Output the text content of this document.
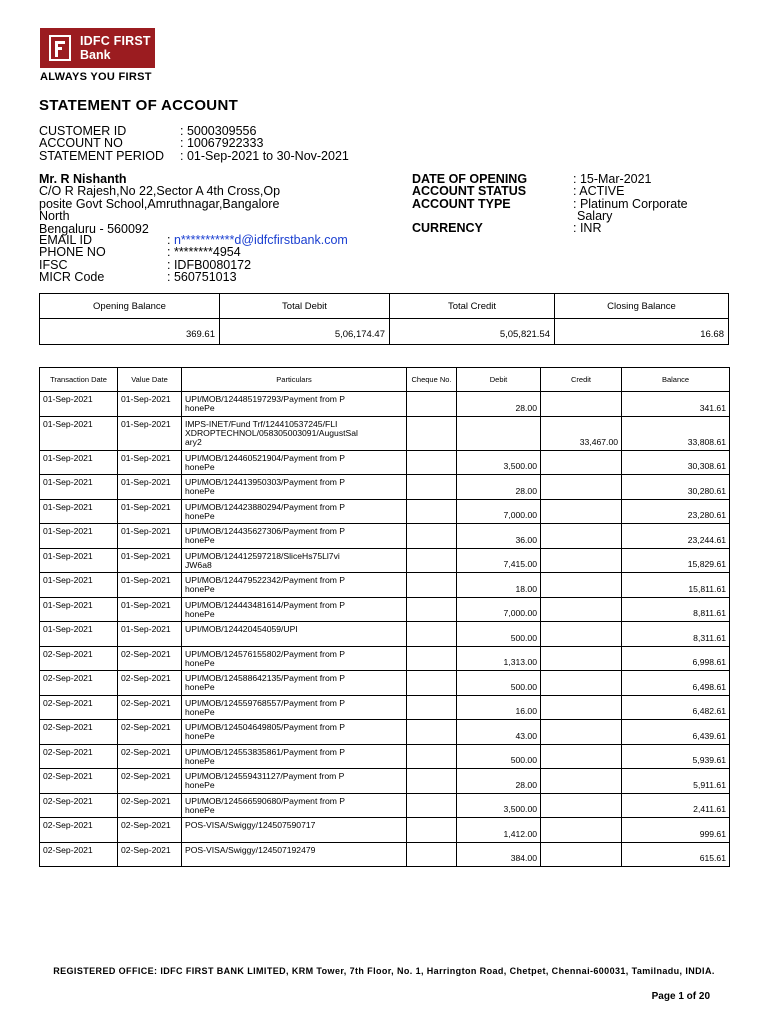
IDFC FIRST
Bank
ALWAYS YOU FIRST
STATEMENT OF ACCOUNT
CUSTOMER ID	: 5000309556
ACCOUNT NO	: 10067922333
STATEMENT PERIOD : 01-Sep-2021 to 30-Nov-2021
Mr. R Nishanth
C/O R Rajesh,No 22,Sector A 4th Cross,Op
posite Govt School,Amruthnagar,Bangalore
North
Bengaluru - 560092
EMAIL ID	: n***********d@idfcfirstbank.com
PHONE NO	: ********4954
IFSC	: IDFB0080172
MICR Code	: 560751013
DATE OF OPENING	: 15-Mar-2021
ACCOUNT STATUS	: ACTIVE
ACCOUNT TYPE	: Platinum Corporate
Salary
CURRENCY	: INR
Opening Balance	Total Debit	Total Credit	Closing Balance
369.61	5,06,174.47	5,05,821.54	16.68
Transaction Date	Value Date	Particulars	Cheque No.	Debit	Credit	Balance
01-Sep-2021	01-Sep-2021	UPI/MOB/124485197293/Payment from P
honePe		28.00		341.61
01-Sep-2021	01-Sep-2021	IMPS-INET/Fund Trf/124410537245/FLI
XDROPTECHNOL/058305003091/AugustSal
ary2			33,467.00	33,808.61
01-Sep-2021	01-Sep-2021	UPI/MOB/124460521904/Payment from P
honePe		3,500.00		30,308.61
01-Sep-2021	01-Sep-2021	UPI/MOB/124413950303/Payment from P
honePe		28.00		30,280.61
01-Sep-2021	01-Sep-2021	UPI/MOB/124423880294/Payment from P
honePe		7,000.00		23,280.61
01-Sep-2021	01-Sep-2021	UPI/MOB/124435627306/Payment from P
honePe		36.00		23,244.61
01-Sep-2021	01-Sep-2021	UPI/MOB/124412597218/SliceHs75Ll7vi
JW6a8		7,415.00		15,829.61
01-Sep-2021	01-Sep-2021	UPI/MOB/124479522342/Payment from P
honePe		18.00		15,811.61
01-Sep-2021	01-Sep-2021	UPI/MOB/124443481614/Payment from P
honePe		7,000.00		8,811.61
01-Sep-2021	01-Sep-2021	UPI/MOB/124420454059/UPI		500.00		8,311.61
02-Sep-2021	02-Sep-2021	UPI/MOB/124576155802/Payment from P
honePe		1,313.00		6,998.61
02-Sep-2021	02-Sep-2021	UPI/MOB/124588642135/Payment from P
honePe		500.00		6,498.61
02-Sep-2021	02-Sep-2021	UPI/MOB/124559768557/Payment from P
honePe		16.00		6,482.61
02-Sep-2021	02-Sep-2021	UPI/MOB/124504649805/Payment from P
honePe		43.00		6,439.61
02-Sep-2021	02-Sep-2021	UPI/MOB/124553835861/Payment from P
honePe		500.00		5,939.61
02-Sep-2021	02-Sep-2021	UPI/MOB/124559431127/Payment from P
honePe		28.00		5,911.61
02-Sep-2021	02-Sep-2021	UPI/MOB/124566590680/Payment from P
honePe		3,500.00		2,411.61
02-Sep-2021	02-Sep-2021	POS-VISA/Swiggy/124507590717		1,412.00		999.61
02-Sep-2021	02-Sep-2021	POS-VISA/Swiggy/124507192479		384.00		615.61
REGISTERED OFFICE: IDFC FIRST BANK LIMITED, KRM Tower, 7th Floor, No. 1, Harrington Road, Chetpet, Chennai-600031, Tamilnadu, INDIA.
Page 1 of 20
